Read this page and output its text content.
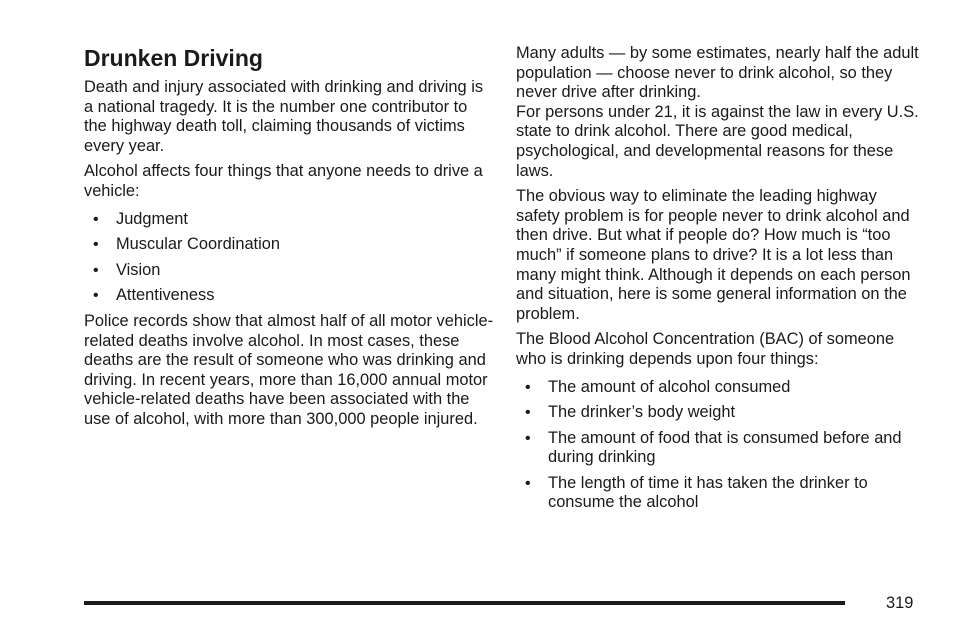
Drunken Driving

Death and injury associated with drinking and driving is a national tragedy. It is the number one contributor to the highway death toll, claiming thousands of victims every year.

Alcohol affects four things that anyone needs to drive a vehicle:

• Judgment
• Muscular Coordination
• Vision
• Attentiveness

Police records show that almost half of all motor vehicle-related deaths involve alcohol. In most cases, these deaths are the result of someone who was drinking and driving. In recent years, more than 16,000 annual motor vehicle-related deaths have been associated with the use of alcohol, with more than 300,000 people injured.

Many adults — by some estimates, nearly half the adult population — choose never to drink alcohol, so they never drive after drinking.

For persons under 21, it is against the law in every U.S. state to drink alcohol. There are good medical, psychological, and developmental reasons for these laws.

The obvious way to eliminate the leading highway safety problem is for people never to drink alcohol and then drive. But what if people do? How much is “too much” if someone plans to drive? It is a lot less than many might think. Although it depends on each person and situation, here is some general information on the problem.

The Blood Alcohol Concentration (BAC) of someone who is drinking depends upon four things:

• The amount of alcohol consumed
• The drinker’s body weight
• The amount of food that is consumed before and during drinking
• The length of time it has taken the drinker to consume the alcohol
319
